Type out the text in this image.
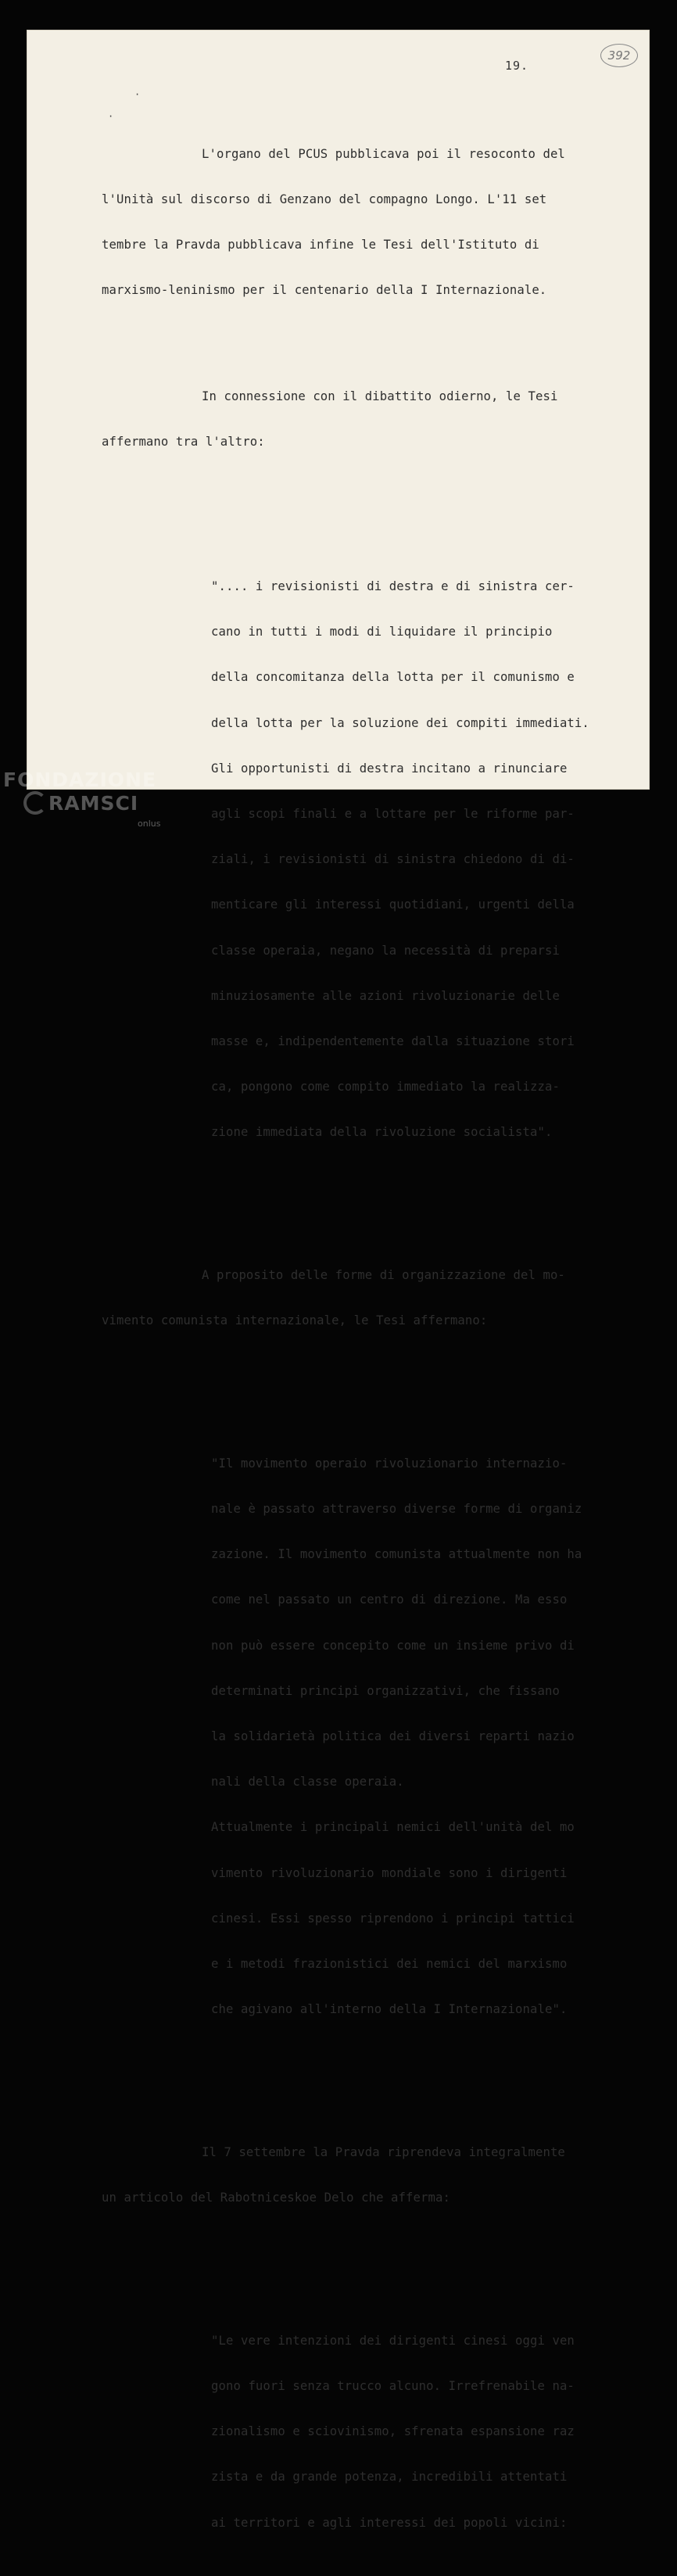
19.
392
·
·

L'organo del PCUS pubblicava poi il resoconto del

l'Unità sul discorso di Genzano del compagno Longo. L'11 set

tembre la Pravda pubblicava infine le Tesi dell'Istituto di

marxismo-leninismo per il centenario della I Internazionale.

In connessione con il dibattito odierno, le Tesi

affermano tra l'altro:

".... i revisionisti di destra e di sinistra cer-

cano in tutti i modi di liquidare il principio

della concomitanza della lotta per il comunismo e

della lotta per la soluzione dei compiti immediati.

Gli opportunisti di destra incitano a rinunciare

agli scopi finali e a lottare per le riforme par-

ziali, i revisionisti di sinistra chiedono di di-

menticare gli interessi quotidiani, urgenti della

classe operaia, negano la necessità di preparsi

minuziosamente alle azioni rivoluzionarie delle

masse e, indipendentemente dalla situazione stori

ca, pongono come compito immediato la realizza-

zione immediata della rivoluzione socialista".

A proposito delle forme di organizzazione del mo-

vimento comunista internazionale, le Tesi affermano:

"Il movimento operaio rivoluzionario internazio-

nale è passato attraverso diverse forme di organiz

zazione. Il movimento comunista attualmente non ha

come nel passato un centro di direzione. Ma esso

non può essere concepito come un insieme privo di

determinati principi organizzativi, che fissano

la solidarietà politica dei diversi reparti nazio

nali della classe operaia.

Attualmente i principali nemici dell'unità del mo

vimento rivoluzionario mondiale sono i dirigenti

cinesi. Essi spesso riprendono i principi tattici

e i metodi frazionistici dei nemici del marxismo

che agivano all'interno della I Internazionale".

Il 7 settembre la Pravda riprendeva integralmente

un articolo del Rabotniceskoe Delo che afferma:

"Le vere intenzioni dei dirigenti cinesi oggi ven

gono fuori senza trucco alcuno. Irrefrenabile na-

zionalismo e sciovinismo, sfrenata espansione raz

zista e da grande potenza, incredibili attentati

ai territori e agli interessi dei popoli vicini:

FONDAZIONE
RAMSCI
onlus
